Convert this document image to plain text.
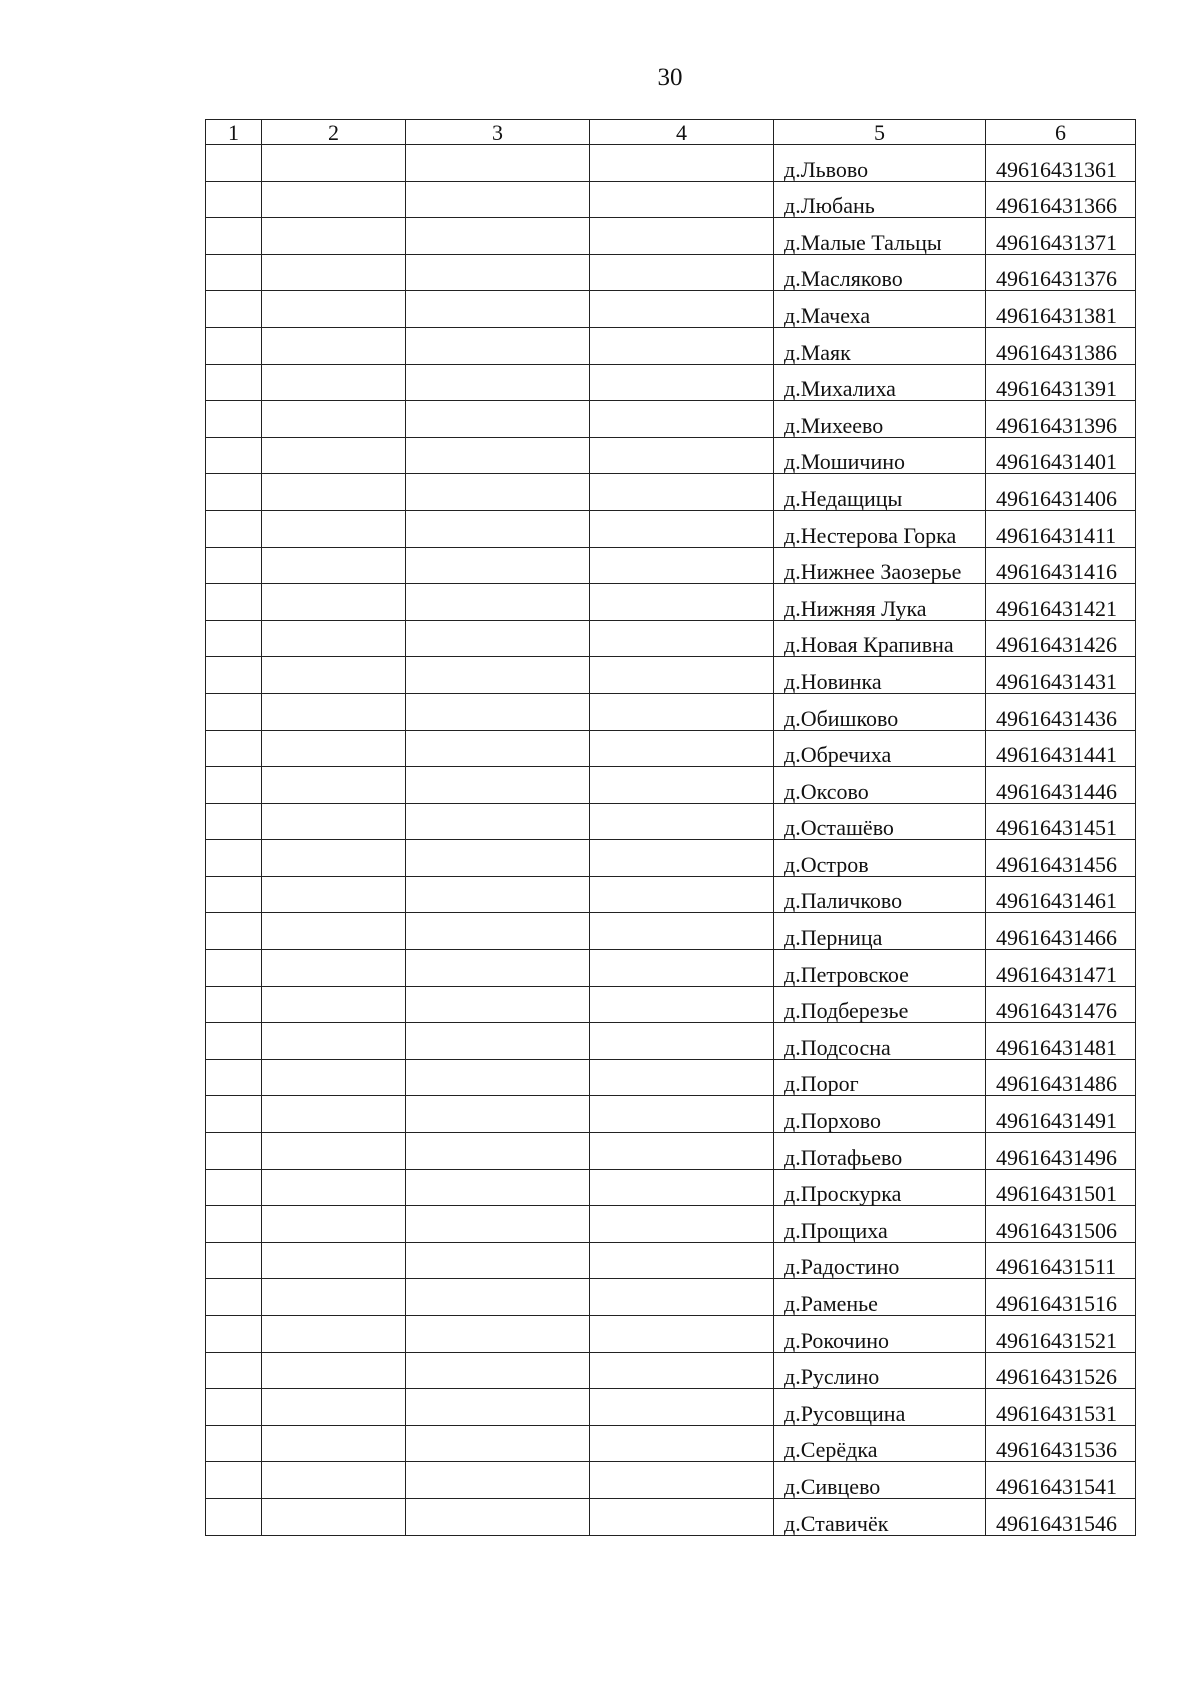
30
1	2	3	4	5	6
				д.Львово	49616431361
				д.Любань	49616431366
				д.Малые Тальцы	49616431371
				д.Масляково	49616431376
				д.Мачеха	49616431381
				д.Маяк	49616431386
				д.Михалиха	49616431391
				д.Михеево	49616431396
				д.Мошичино	49616431401
				д.Недащицы	49616431406
				д.Нестерова Горка	49616431411
				д.Нижнее Заозерье	49616431416
				д.Нижняя Лука	49616431421
				д.Новая Крапивна	49616431426
				д.Новинка	49616431431
				д.Обишково	49616431436
				д.Обречиха	49616431441
				д.Оксово	49616431446
				д.Осташёво	49616431451
				д.Остров	49616431456
				д.Паличково	49616431461
				д.Перница	49616431466
				д.Петровское	49616431471
				д.Подберезье	49616431476
				д.Подсосна	49616431481
				д.Порог	49616431486
				д.Порхово	49616431491
				д.Потафьево	49616431496
				д.Проскурка	49616431501
				д.Прощиха	49616431506
				д.Радостино	49616431511
				д.Раменье	49616431516
				д.Рокочино	49616431521
				д.Руслино	49616431526
				д.Русовщина	49616431531
				д.Серёдка	49616431536
				д.Сивцево	49616431541
				д.Ставичёк	49616431546
